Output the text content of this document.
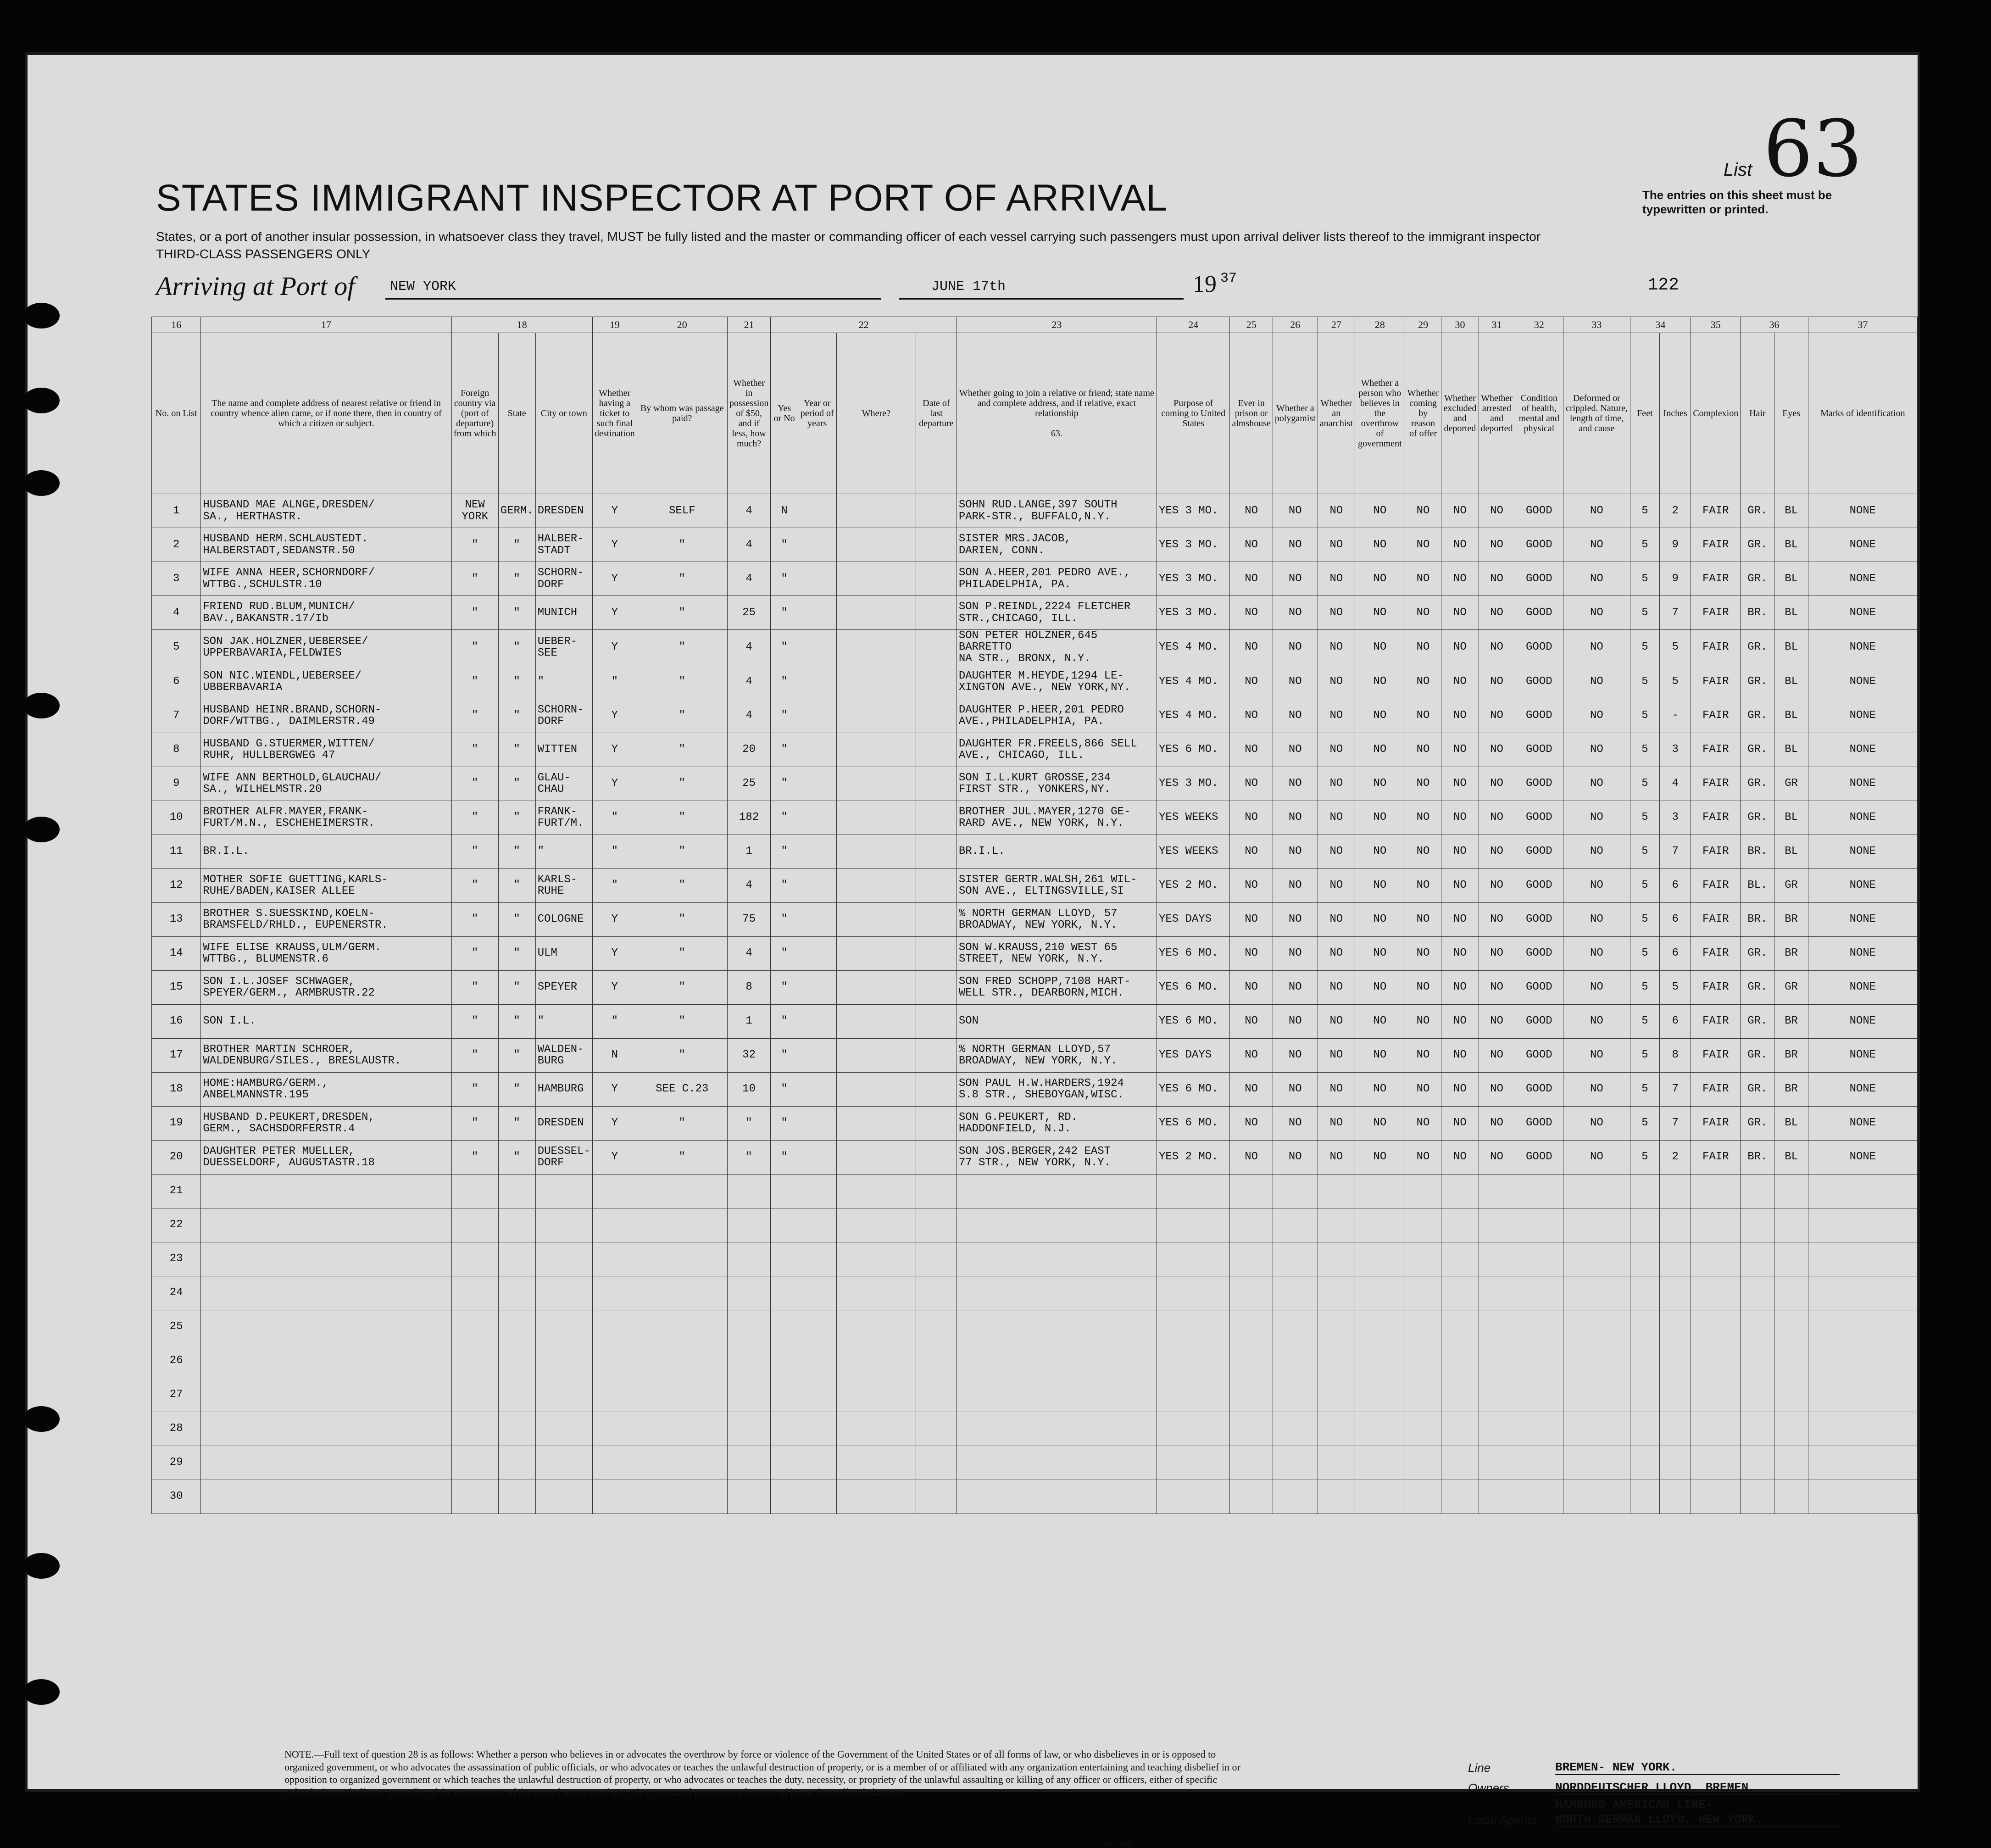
STATES IMMIGRANT INSPECTOR AT PORT OF ARRIVAL
States, or a port of another insular possession, in whatsoever class they travel, MUST be fully listed and the master or commanding officer of each vessel carrying such passengers must upon arrival deliver lists thereof to the immigrant inspector
THIRD-CLASS PASSENGERS ONLY
List 63
The entries on this sheet must be typewritten or printed.
Arriving at Port of	NEW YORK	JUNE 17th	19 37	122
16	17	18			19	20	21	22				23	24	25	26	27	28	29	30	31	32	33	34		35	36		37
No. on List	The name and complete address of nearest relative or friend in country whence alien came, or if none there, then in country of which a citizen or subject.	Foreign country via (port of departure) from which	State	City or town	Whether having a ticket to such final destination	By whom was passage paid?	Whether in possession of $50, and if less, how much?	Yes or No	Year or period of years	Where?	Date of last departure	Whether going to join a relative or friend; state name and complete address, and if relative, exact relationship

63.	Purpose of coming to United States	Ever in prison or almshouse	Whether a polygamist	Whether an anarchist	Whether a person who believes in the overthrow of government	Whether coming by reason of offer	Whether excluded and deported	Whether arrested and deported	Condition of health, mental and physical	Deformed or crippled. Nature, length of time, and cause	Feet	Inches	Complexion	Hair	Eyes	Marks of identification
1	HUSBAND MAE ALNGE,DRESDEN/
SA., HERTHASTR.	NEW
YORK	GERM.	DRESDEN	Y	SELF	4	N				SOHN RUD.LANGE,397 SOUTH
PARK-STR., BUFFALO,N.Y.	YES 3 MO.	NO	NO	NO	NO	NO	NO	NO	GOOD	NO	5	2	FAIR	GR.	BL	NONE
2	HUSBAND HERM.SCHLAUSTEDT.
HALBERSTADT,SEDANSTR.50	"	"	HALBER-
STADT	Y	"	4	"				SISTER MRS.JACOB,
DARIEN, CONN.	YES 3 MO.	NO	NO	NO	NO	NO	NO	NO	GOOD	NO	5	9	FAIR	GR.	BL	NONE
3	WIFE ANNA HEER,SCHORNDORF/
WTTBG.,SCHULSTR.10	"	"	SCHORN-
DORF	Y	"	4	"				SON A.HEER,201 PEDRO AVE.,
PHILADELPHIA, PA.	YES 3 MO.	NO	NO	NO	NO	NO	NO	NO	GOOD	NO	5	9	FAIR	GR.	BL	NONE
4	FRIEND RUD.BLUM,MUNICH/
BAV.,BAKANSTR.17/Ib	"	"	MUNICH	Y	"	25	"				SON P.REINDL,2224 FLETCHER
STR.,CHICAGO, ILL.	YES 3 MO.	NO	NO	NO	NO	NO	NO	NO	GOOD	NO	5	7	FAIR	BR.	BL	NONE
5	SON JAK.HOLZNER,UEBERSEE/
UPPERBAVARIA,FELDWIES	"	"	UEBER-
SEE	Y	"	4	"				SON PETER HOLZNER,645 BARRETTO
NA STR., BRONX, N.Y.	YES 4 MO.	NO	NO	NO	NO	NO	NO	NO	GOOD	NO	5	5	FAIR	GR.	BL	NONE
6	SON NIC.WIENDL,UEBERSEE/
UBBERBAVARIA	"	"	"	"	"	4	"				DAUGHTER M.HEYDE,1294 LE-
XINGTON AVE., NEW YORK,NY.	YES 4 MO.	NO	NO	NO	NO	NO	NO	NO	GOOD	NO	5	5	FAIR	GR.	BL	NONE
7	HUSBAND HEINR.BRAND,SCHORN-
DORF/WTTBG., DAIMLERSTR.49	"	"	SCHORN-
DORF	Y	"	4	"				DAUGHTER P.HEER,201 PEDRO
AVE.,PHILADELPHIA, PA.	YES 4 MO.	NO	NO	NO	NO	NO	NO	NO	GOOD	NO	5	-	FAIR	GR.	BL	NONE
8	HUSBAND G.STUERMER,WITTEN/
RUHR, HULLBERGWEG 47	"	"	WITTEN	Y	"	20	"				DAUGHTER FR.FREELS,866 SELL
AVE., CHICAGO, ILL.	YES 6 MO.	NO	NO	NO	NO	NO	NO	NO	GOOD	NO	5	3	FAIR	GR.	BL	NONE
9	WIFE ANN BERTHOLD,GLAUCHAU/
SA., WILHELMSTR.20	"	"	GLAU-
CHAU	Y	"	25	"				SON I.L.KURT GROSSE,234
FIRST STR., YONKERS,NY.	YES 3 MO.	NO	NO	NO	NO	NO	NO	NO	GOOD	NO	5	4	FAIR	GR.	GR	NONE
10	BROTHER ALFR.MAYER,FRANK-
FURT/M.N., ESCHEHEIMERSTR.	"	"	FRANK-
FURT/M.	"	"	182	"				BROTHER JUL.MAYER,1270 GE-
RARD AVE., NEW YORK, N.Y.	YES WEEKS	NO	NO	NO	NO	NO	NO	NO	GOOD	NO	5	3	FAIR	GR.	BL	NONE
11	BR.I.L.	"	"	"	"	"	1	"				BR.I.L.	YES WEEKS	NO	NO	NO	NO	NO	NO	NO	GOOD	NO	5	7	FAIR	BR.	BL	NONE
12	MOTHER SOFIE GUETTING,KARLS-
RUHE/BADEN,KAISER ALLEE	"	"	KARLS-
RUHE	"	"	4	"				SISTER GERTR.WALSH,261 WIL-
SON AVE., ELTINGSVILLE,SI	YES 2 MO.	NO	NO	NO	NO	NO	NO	NO	GOOD	NO	5	6	FAIR	BL.	GR	NONE
13	BROTHER S.SUESSKIND,KOELN-
BRAMSFELD/RHLD., EUPENERSTR.	"	"	COLOGNE	Y	"	75	"				% NORTH GERMAN LLOYD, 57
BROADWAY, NEW YORK, N.Y.	YES DAYS	NO	NO	NO	NO	NO	NO	NO	GOOD	NO	5	6	FAIR	BR.	BR	NONE
14	WIFE ELISE KRAUSS,ULM/GERM.
WTTBG., BLUMENSTR.6	"	"	ULM	Y	"	4	"				SON W.KRAUSS,210 WEST 65
STREET, NEW YORK, N.Y.	YES 6 MO.	NO	NO	NO	NO	NO	NO	NO	GOOD	NO	5	6	FAIR	GR.	BR	NONE
15	SON I.L.JOSEF SCHWAGER,
SPEYER/GERM., ARMBRUSTR.22	"	"	SPEYER	Y	"	8	"				SON FRED SCHOPP,7108 HART-
WELL STR., DEARBORN,MICH.	YES 6 MO.	NO	NO	NO	NO	NO	NO	NO	GOOD	NO	5	5	FAIR	GR.	GR	NONE
16	SON I.L.	"	"	"	"	"	1	"				SON	YES 6 MO.	NO	NO	NO	NO	NO	NO	NO	GOOD	NO	5	6	FAIR	GR.	BR	NONE
17	BROTHER MARTIN SCHROER,
WALDENBURG/SILES., BRESLAUSTR.	"	"	WALDEN-
BURG	N	"	32	"				% NORTH GERMAN LLOYD,57
BROADWAY, NEW YORK, N.Y.	YES DAYS	NO	NO	NO	NO	NO	NO	NO	GOOD	NO	5	8	FAIR	GR.	BR	NONE
18	HOME:HAMBURG/GERM.,
ANBELMANNSTR.195	"	"	HAMBURG	Y	SEE C.23	10	"				SON PAUL H.W.HARDERS,1924
S.8 STR., SHEBOYGAN,WISC.	YES 6 MO.	NO	NO	NO	NO	NO	NO	NO	GOOD	NO	5	7	FAIR	GR.	BR	NONE
19	HUSBAND D.PEUKERT,DRESDEN,
GERM., SACHSDORFERSTR.4	"	"	DRESDEN	Y	"	"	"				SON G.PEUKERT, RD.
HADDONFIELD, N.J.	YES 6 MO.	NO	NO	NO	NO	NO	NO	NO	GOOD	NO	5	7	FAIR	GR.	BL	NONE
20	DAUGHTER PETER MUELLER,
DUESSELDORF, AUGUSTASTR.18	"	"	DUESSEL-
DORF	Y	"	"	"				SON JOS.BERGER,242 EAST
77 STR., NEW YORK, N.Y.	YES 2 MO.	NO	NO	NO	NO	NO	NO	NO	GOOD	NO	5	2	FAIR	BR.	BL	NONE
21																												
22																												
23																												
24																												
25																												
26																												
27																												
28																												
29																												
30																												
NOTE.—Full text of question 28 is as follows: Whether a person who believes in or advocates the overthrow by force or violence of the Government of the United States or of all forms of law, or who disbelieves in or is opposed to organized government, or who advocates the assassination of public officials, or who advocates or teaches the unlawful destruction of property, or is a member of or affiliated with any organization entertaining and teaching disbelief in or opposition to organized government or which teaches the unlawful destruction of property, or who advocates or teaches the duty, necessity, or propriety of the unlawful assaulting or killing of any officer or officers, either of specific individuals or of officers generally, of the Government of the United States or of any other organized government because of his or their official character.
Line	BREMEN- NEW YORK.
Owners	NORDDEUTSCHER LLOYD, BREMEN.
HAMBURG AMERICAN LINE-
Local Agents NORTH GERMAN LLOYD, NEW YORK.
14—430
